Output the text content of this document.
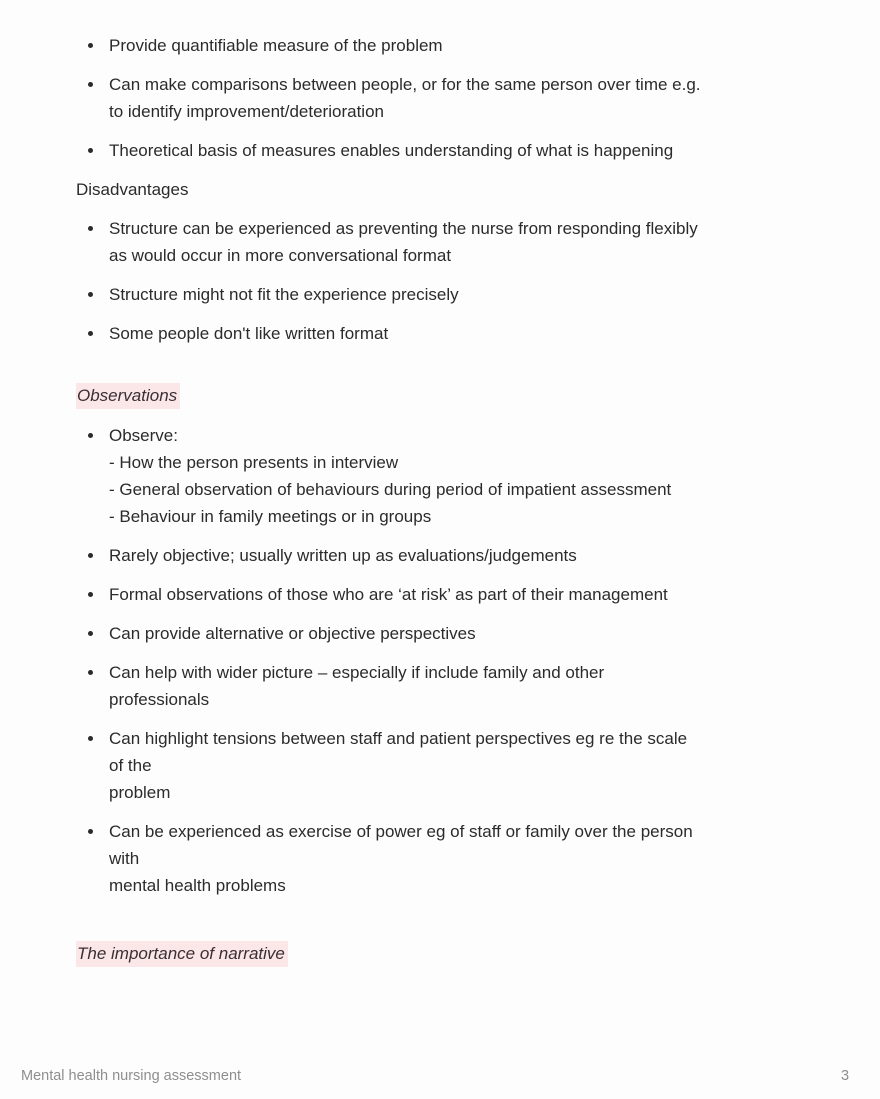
Provide quantifiable measure of the problem
Can make comparisons between people, or for the same person over time e.g.
to identify improvement/deterioration
Theoretical basis of measures enables understanding of what is happening
Disadvantages
Structure can be experienced as preventing the nurse from responding flexibly
as would occur in more conversational format
Structure might not fit the experience precisely
Some people don't like written format
Observations
Observe:
- How the person presents in interview
- General observation of behaviours during period of impatient assessment
- Behaviour in family meetings or in groups
Rarely objective; usually written up as evaluations/judgements
Formal observations of those who are ‘at risk’ as part of their management
Can provide alternative or objective perspectives
Can help with wider picture – especially if include family and other
professionals
Can highlight tensions between staff and patient perspectives eg re the scale
of the
problem
Can be experienced as exercise of power eg of staff or family over the person
with
mental health problems
The importance of narrative
Mental health nursing assessment	3
